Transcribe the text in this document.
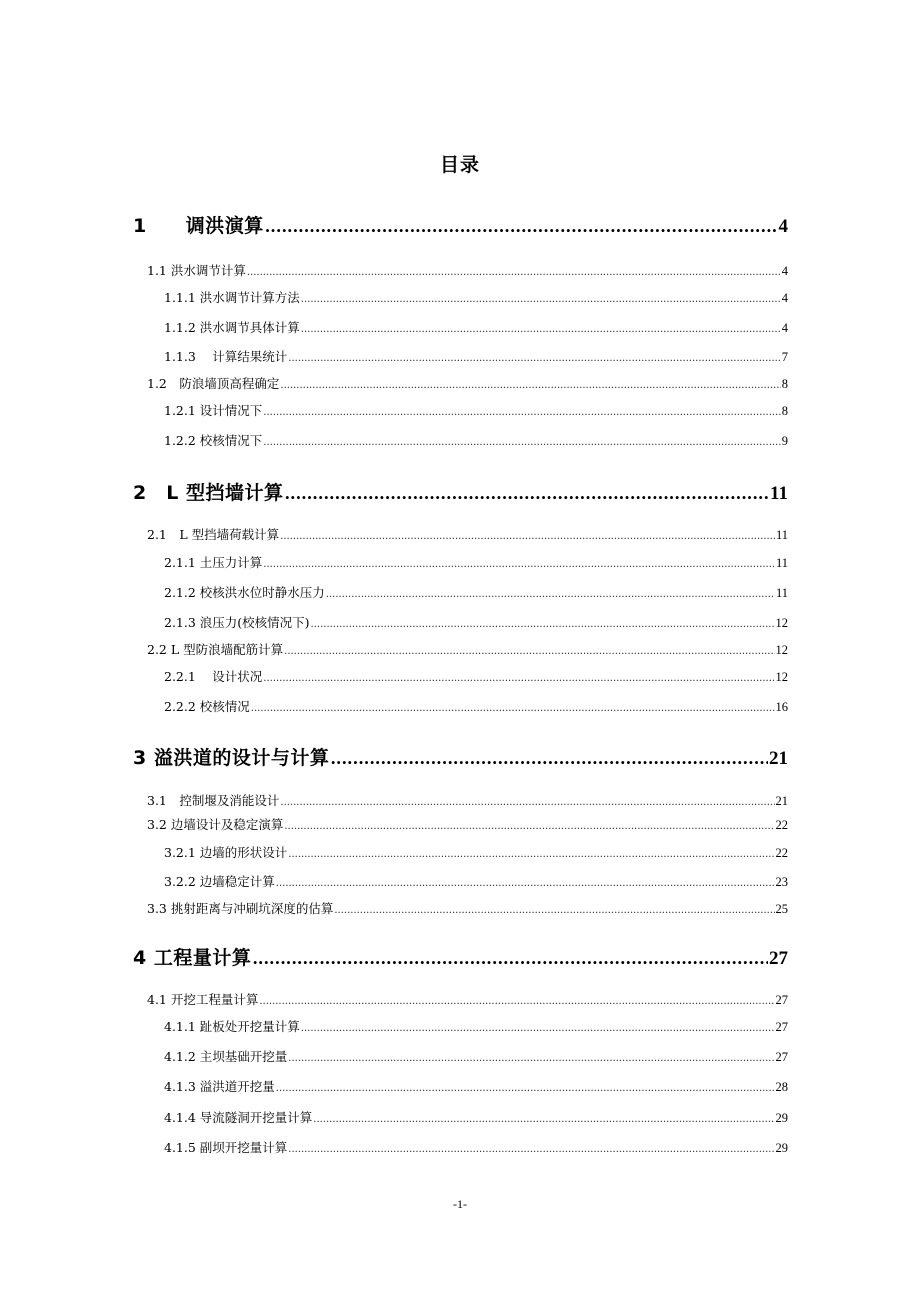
目录
1　　调洪演算 .....	4
1.1 洪水调节计算 .....	4
1.1.1 洪水调节计算方法 .....	4
1.1.2 洪水调节具体计算 .....	4
1.1.3　 计算结果统计 .....	7
1.2　防浪墙顶高程确定 .....	8
1.2.1 设计情况下 .....	8
1.2.2 校核情况下 .....	9
2　L 型挡墙计算 .....	11
2.1　L 型挡墙荷载计算 .....	11
2.1.1 土压力计算 .....	11
2.1.2 校核洪水位时静水压力 .....	11
2.1.3 浪压力(校核情况下) .....	12
2.2 L 型防浪墙配筋计算 .....	12
2.2.1　 设计状况 .....	12
2.2.2 校核情况 .....	16
3 溢洪道的设计与计算 .....	21
3.1　控制堰及消能设计 .....	21
3.2 边墙设计及稳定演算 .....	22
3.2.1 边墙的形状设计 .....	22
3.2.2 边墙稳定计算 .....	23
3.3 挑射距离与冲刷坑深度的估算 .....	25
4 工程量计算 .....	27
4.1 开挖工程量计算 .....	27
4.1.1 趾板处开挖量计算 .....	27
4.1.2 主坝基础开挖量 .....	27
4.1.3 溢洪道开挖量 .....	28
4.1.4 导流隧洞开挖量计算 .....	29
4.1.5 副坝开挖量计算 .....	29
-1-
